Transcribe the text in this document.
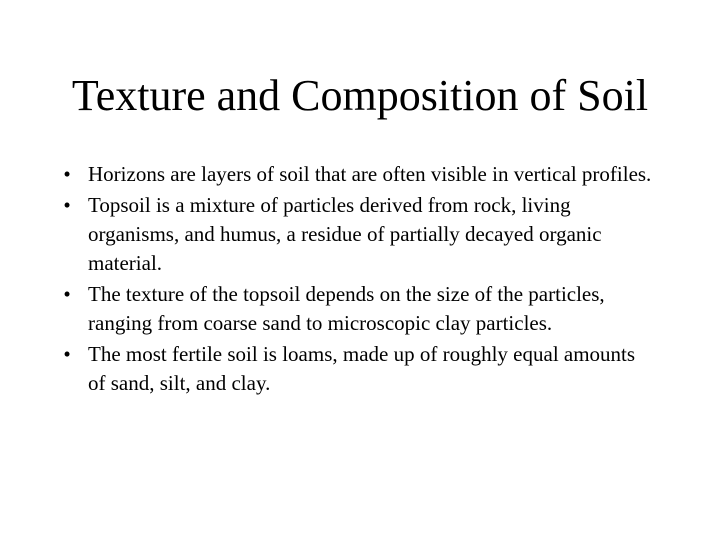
Texture and Composition of Soil
• Horizons are layers of soil that are often visible in vertical profiles.
• Topsoil is a mixture of particles derived from rock, living organisms, and humus, a residue of partially decayed organic material.
• The texture of the topsoil depends on the size of the particles, ranging from coarse sand to microscopic clay particles.
• The most fertile soil is loams, made up of roughly equal amounts of sand, silt, and clay.
